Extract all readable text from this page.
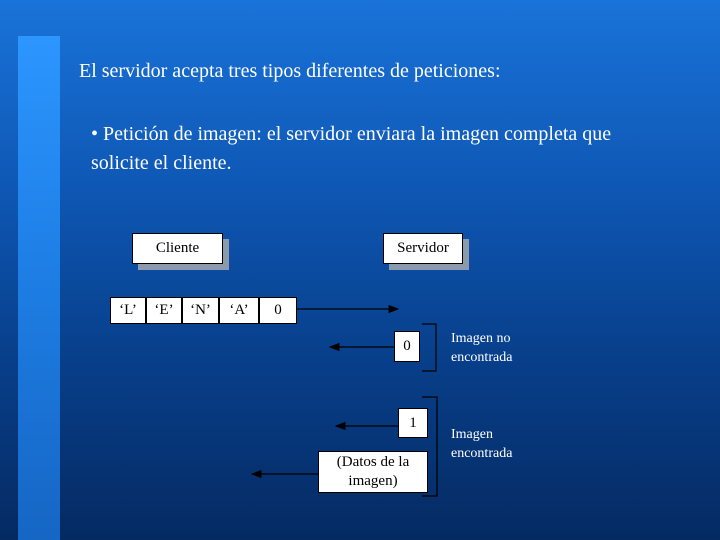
El servidor acepta tres tipos diferentes de peticiones:
• Petición de imagen: el servidor enviara la imagen completa que solicite el cliente.
Cliente	Servidor
‘L’	‘E’	‘N’	‘A’	0
0
1
(Datos de la imagen)
Imagen no encontrada
Imagen encontrada
